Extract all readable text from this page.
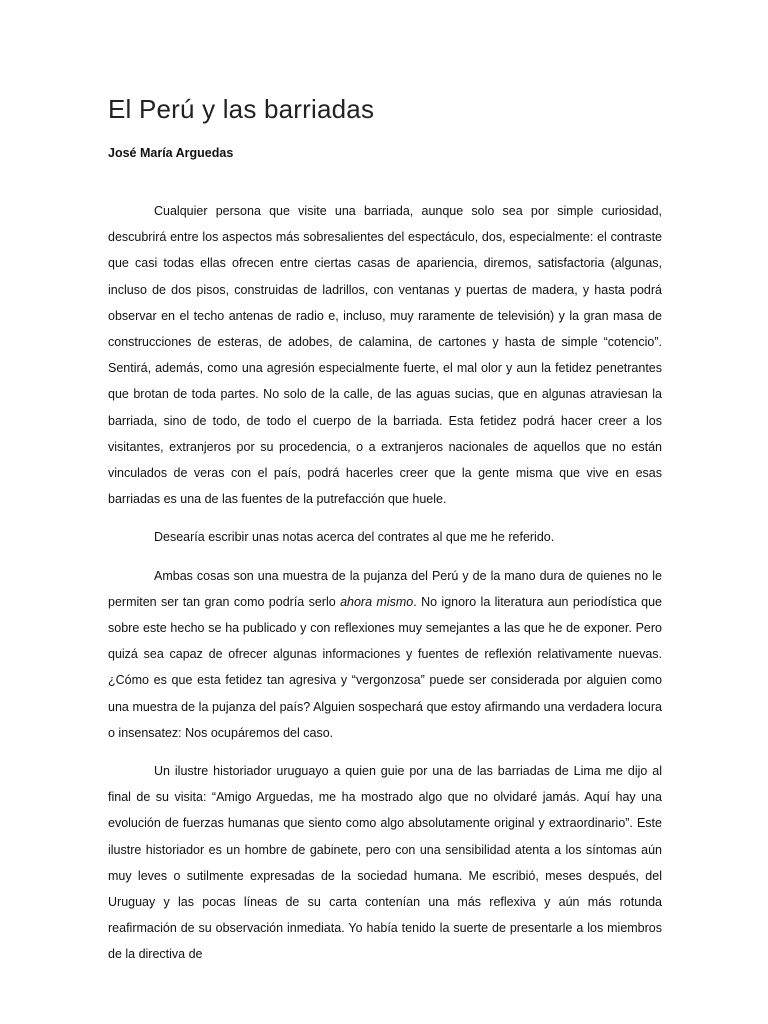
El Perú y las barriadas

José María Arguedas

Cualquier persona que visite una barriada, aunque solo sea por simple curiosidad, descubrirá entre los aspectos más sobresalientes del espectáculo, dos, especialmente: el contraste que casi todas ellas ofrecen entre ciertas casas de apariencia, diremos, satisfactoria (algunas, incluso de dos pisos, construidas de ladrillos, con ventanas y puertas de madera, y hasta podrá observar en el techo antenas de radio e, incluso, muy raramente de televisión) y la gran masa de construcciones de esteras, de adobes, de calamina, de cartones y hasta de simple “cotencio”. Sentirá, además, como una agresión especialmente fuerte, el mal olor y aun la fetidez penetrantes que brotan de toda partes. No solo de la calle, de las aguas sucias, que en algunas atraviesan la barriada, sino de todo, de todo el cuerpo de la barriada. Esta fetidez podrá hacer creer a los visitantes, extranjeros por su procedencia, o a extranjeros nacionales de aquellos que no están vinculados de veras con el país, podrá hacerles creer que la gente misma que vive en esas barriadas es una de las fuentes de la putrefacción que huele.

Desearía escribir unas notas acerca del contrates al que me he referido.

Ambas cosas son una muestra de la pujanza del Perú y de la mano dura de quienes no le permiten ser tan gran como podría serlo ahora mismo. No ignoro la literatura aun periodística que sobre este hecho se ha publicado y con reflexiones muy semejantes a las que he de exponer. Pero quizá sea capaz de ofrecer algunas informaciones y fuentes de reflexión relativamente nuevas. ¿Cómo es que esta fetidez tan agresiva y “vergonzosa” puede ser considerada por alguien como una muestra de la pujanza del país? Alguien sospechará que estoy afirmando una verdadera locura o insensatez: Nos ocupáremos del caso.

Un ilustre historiador uruguayo a quien guie por una de las barriadas de Lima me dijo al final de su visita: “Amigo Arguedas, me ha mostrado algo que no olvidaré jamás. Aquí hay una evolución de fuerzas humanas que siento como algo absolutamente original y extraordinario”. Este ilustre historiador es un hombre de gabinete, pero con una sensibilidad atenta a los síntomas aún muy leves o sutilmente expresadas de la sociedad humana. Me escribió, meses después, del Uruguay y las pocas líneas de su carta contenían una más reflexiva y aún más rotunda reafirmación de su observación inmediata. Yo había tenido la suerte de presentarle a los miembros de la directiva de
